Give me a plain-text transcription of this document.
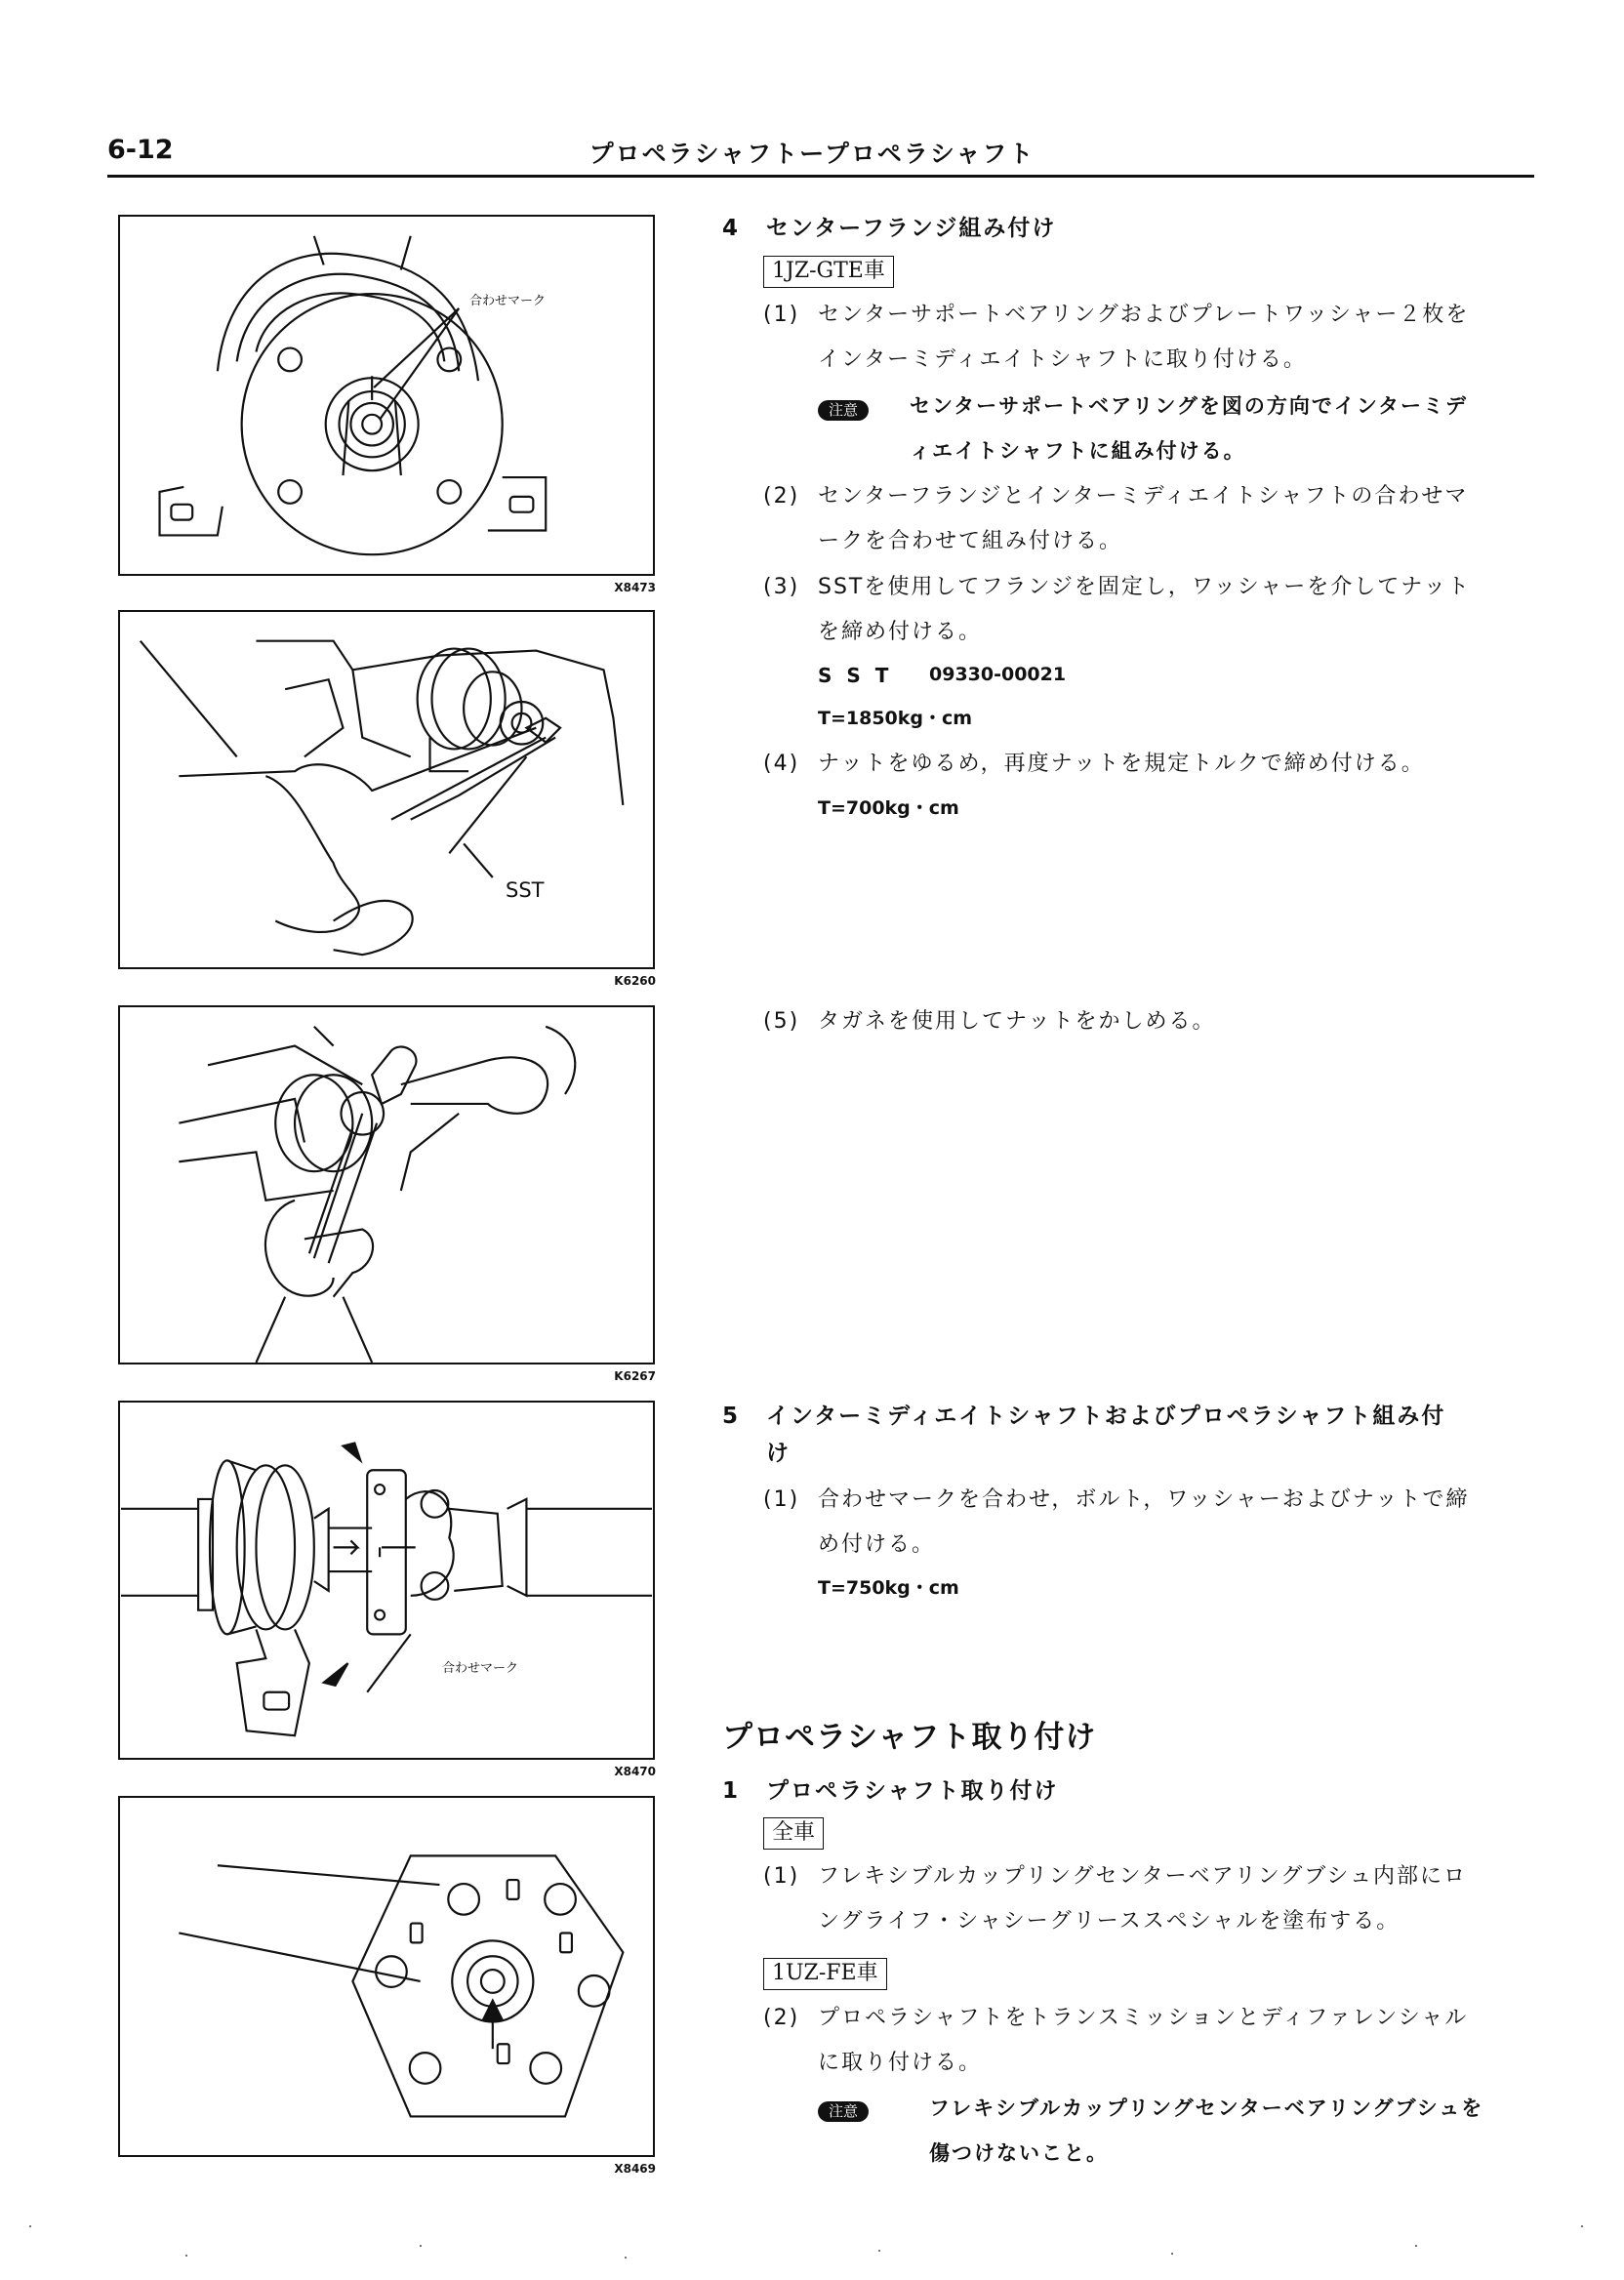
6-12	プロペラシャフトープロペラシャフト
合わせマーク
X8473
SST
K6260
K6267
合わせマーク
X8470
X8469
4 センターフランジ組み付け
1JZ-GTE車
(1) センターサポートベアリングおよびプレートワッシャー２枚を
インターミディエイトシャフトに取り付ける。
注意	センターサポートベアリングを図の方向でインターミデ
ィエイトシャフトに組み付ける。
(2) センターフランジとインターミディエイトシャフトの合わせマ
ークを合わせて組み付ける。
(3) SSTを使用してフランジを固定し，ワッシャーを介してナット
を締め付ける。
S S T 09330-00021
T=1850kg・cm
(4) ナットをゆるめ，再度ナットを規定トルクで締め付ける。
T=700kg・cm
(5) タガネを使用してナットをかしめる。
5 インターミディエイトシャフトおよびプロペラシャフト組み付
け
(1) 合わせマークを合わせ，ボルト，ワッシャーおよびナットで締
め付ける。
T=750kg・cm
プロペラシャフト取り付け
1 プロペラシャフト取り付け
全車
(1) フレキシブルカップリングセンターベアリングブシュ内部にロ
ングライフ・シャシーグリーススペシャルを塗布する。
1UZ-FE車
(2) プロペラシャフトをトランスミッションとディファレンシャル
に取り付ける。
注意	フレキシブルカップリングセンターベアリングブシュを
傷つけないこと。
